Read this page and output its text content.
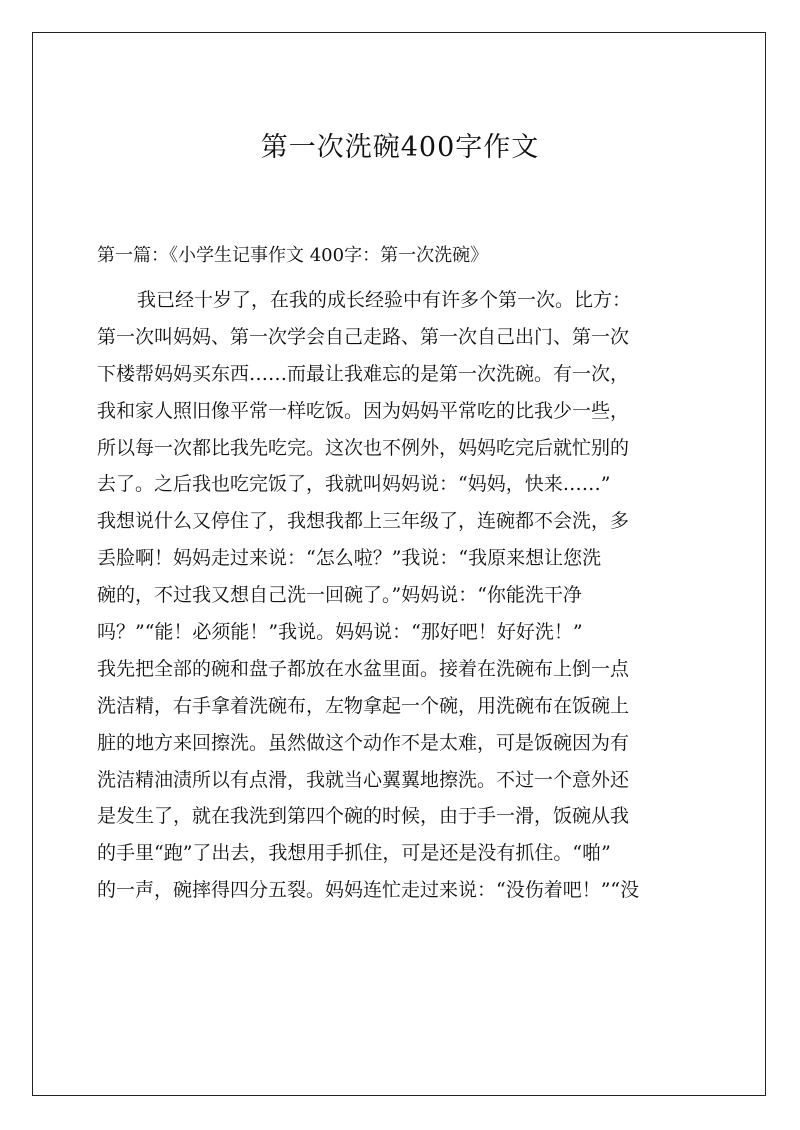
第一次洗碗400字作文
第一篇：《小学生记事作文 400字：第一次洗碗》
我已经十岁了，在我的成长经验中有许多个第一次。比方：
第一次叫妈妈、第一次学会自己走路、第一次自己出门、第一次
下楼帮妈妈买东西……而最让我难忘的是第一次洗碗。有一次，
我和家人照旧像平常一样吃饭。因为妈妈平常吃的比我少一些，
所以每一次都比我先吃完。这次也不例外，妈妈吃完后就忙别的
去了。之后我也吃完饭了，我就叫妈妈说：“妈妈，快来……”
我想说什么又停住了，我想我都上三年级了，连碗都不会洗，多
丢脸啊！妈妈走过来说：“怎么啦？”我说：“我原来想让您洗
碗的，不过我又想自己洗一回碗了。”妈妈说：“你能洗干净
吗？”“能！必须能！”我说。妈妈说：“那好吧！好好洗！”
我先把全部的碗和盘子都放在水盆里面。接着在洗碗布上倒一点
洗洁精，右手拿着洗碗布，左物拿起一个碗，用洗碗布在饭碗上
脏的地方来回擦洗。虽然做这个动作不是太难，可是饭碗因为有
洗洁精油渍所以有点滑，我就当心翼翼地擦洗。不过一个意外还
是发生了，就在我洗到第四个碗的时候，由于手一滑，饭碗从我
的手里“跑”了出去，我想用手抓住，可是还是没有抓住。“啪”
的一声，碗摔得四分五裂。妈妈连忙走过来说：“没伤着吧！”“没
